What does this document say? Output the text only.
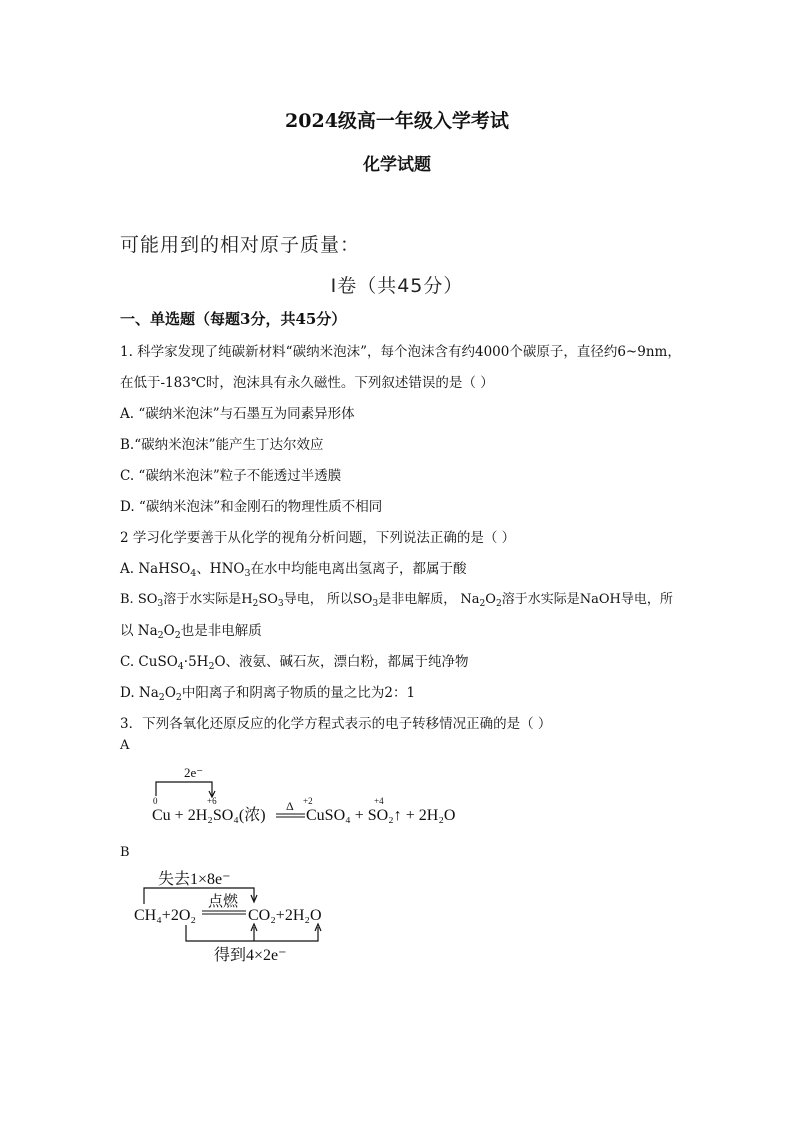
2024级高一年级入学考试
化学试题
可能用到的相对原子质量：
Ⅰ卷（共45分）
一、单选题（每题3分，共45分）
1. 科学家发现了纯碳新材料“碳纳米泡沫”，每个泡沫含有约4000个碳原子，直径约6~9nm，
在低于-183℃时，泡沫具有永久磁性。下列叙述错误的是（ ）
A. “碳纳米泡沫”与石墨互为同素异形体
B.“碳纳米泡沫”能产生丁达尔效应
C. “碳纳米泡沫”粒子不能透过半透膜
D. “碳纳米泡沫”和金刚石的物理性质不相同
2 学习化学要善于从化学的视角分析问题，下列说法正确的是（ ）
A. NaHSO$_4$、$HNO_3$在水中均能电离出氢离子，都属于酸
B. $SO_3$溶于水实际是$H_2SO_3$导电， 所以$SO_3$是非电解质， $Na_2O_2$溶于水实际是NaOH导电，所
以 $Na_2O_2$也是非电解质
C. $CuSO_4\cdot 5H_2O$、液氨、碱石灰，漂白粉，都属于纯净物
D. $Na_2O_2$中阳离子和阴离子物质的量之比为2：1
3．下列各氧化还原反应的化学方程式表示的电子转移情况正确的是（ ）
A
2e⁻
0	+6
Cu + 2H₂SO₄(浓)
Δ +2	+4
CuSO₄ + SO₂↑ + 2H₂O
B
失去1×8e⁻
点燃
CH₄+2O₂	CO₂+2H₂O
得到4×2e⁻
